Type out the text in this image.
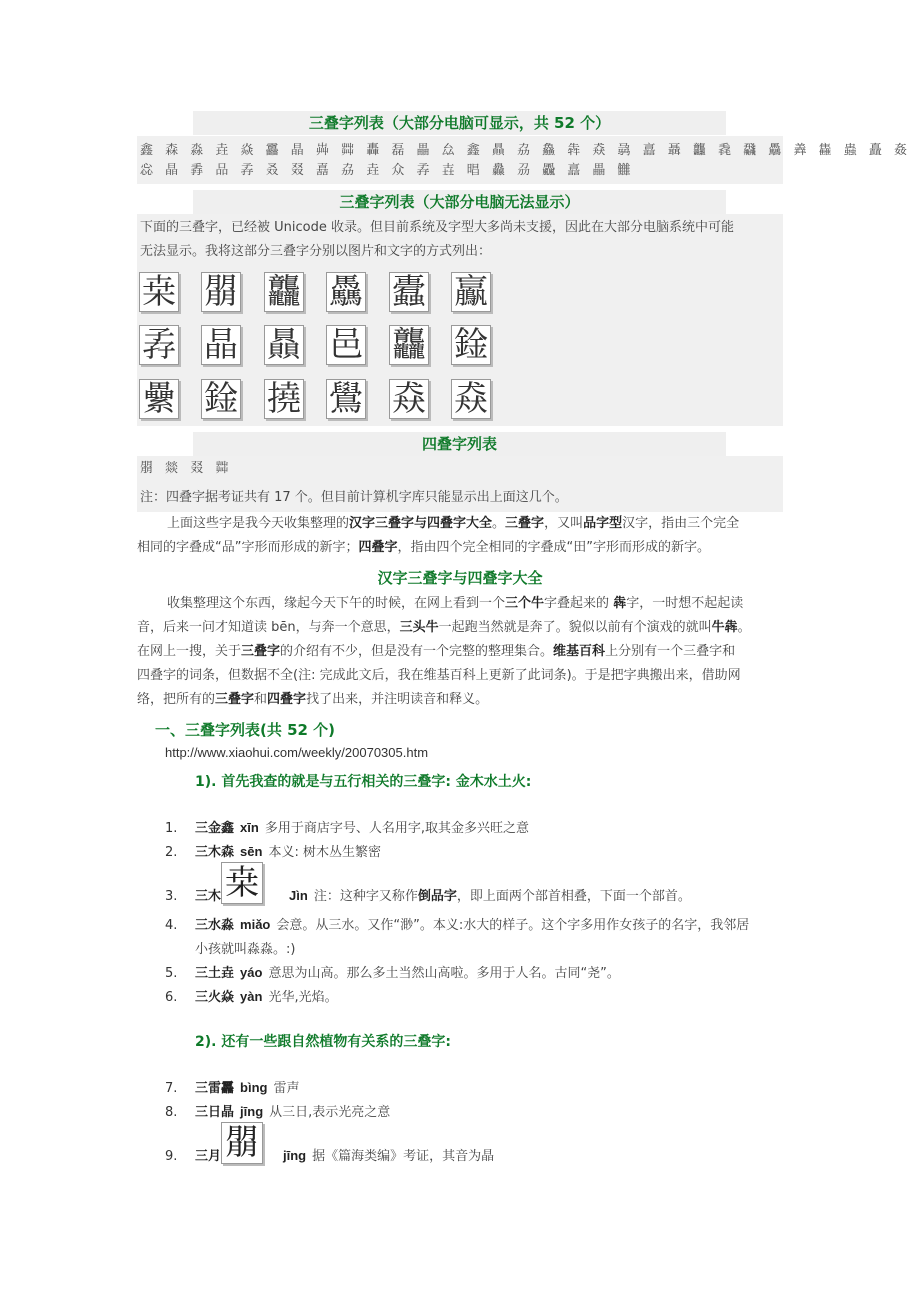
三叠字列表（大部分电脑可显示，共 52 个）
鑫 森 淼 垚 焱 靐 晶 芔 茻 轟 磊 畾 厽 鑫 贔 劦 鱻 犇 猋 骉 譶 聶 龘 毳 飝 驫 羴 雥 蟲 矗 姦
惢 晶 掱 品 孨 叒 叕 嚞 劦 垚 众 孨 壵 晿 灥 刕 飍 譶 畾 雦
三叠字列表（大部分电脑无法显示）
下面的三叠字，已经被 Unicode 收录。但目前系统及字型大多尚未支援，因此在大部分电脑系统中可能
无法显示。我将这部分三叠字分别以图片和文字的方式列出：
桒 朤 龘 驫 蠹 鸁
孨 晶 贔 邑 龘 鍂
纍 鍂 撓 鷽 猋 猋
四叠字列表
朤 燚 叕 茻
注：四叠字据考证共有 17 个。但目前计算机字库只能显示出上面这几个。
上面这些字是我今天收集整理的汉字三叠字与四叠字大全。三叠字，又叫品字型汉字，指由三个完全
相同的字叠成“品”字形而形成的新字；四叠字，指由四个完全相同的字叠成“田”字形而形成的新字。
汉字三叠字与四叠字大全
收集整理这个东西，缘起今天下午的时候，在网上看到一个三个牛字叠起来的 犇字，一时想不起起读
音，后来一问才知道读 bēn，与奔一个意思，三头牛一起跑当然就是奔了。貌似以前有个演戏的就叫牛犇。
在网上一搜，关于三叠字的介绍有不少，但是没有一个完整的整理集合。维基百科上分别有一个三叠字和
四叠字的词条，但数据不全(注: 完成此文后，我在维基百科上更新了此词条)。于是把字典搬出来，借助网
络，把所有的三叠字和四叠字找了出来，并注明读音和释义。
一、三叠字列表(共 52 个)
http://www.xiaohui.com/weekly/20070305.htm
1). 首先我查的就是与五行相关的三叠字: 金木水土火:
1. 三金鑫 xīn 多用于商店字号、人名用字,取其金多兴旺之意
2. 三木森 sēn 本义: 树木丛生繁密
3. 三木 桒 Jìn 注：这种字又称作倒品字，即上面两个部首相叠，下面一个部首。
4. 三水淼 miǎo 会意。从三水。又作“渺”。本义:水大的样子。这个字多用作女孩子的名字，我邻居
小孩就叫淼淼。:)
5. 三土垚 yáo 意思为山高。那么多土当然山高啦。多用于人名。古同“尧”。
6. 三火焱 yàn 光华,光焰。
2). 还有一些跟自然植物有关系的三叠字:
7. 三雷靐 bìng 雷声
8. 三日晶 jīng 从三日,表示光亮之意
9. 三月 朤 jīng 据《篇海类编》考证，其音为晶
